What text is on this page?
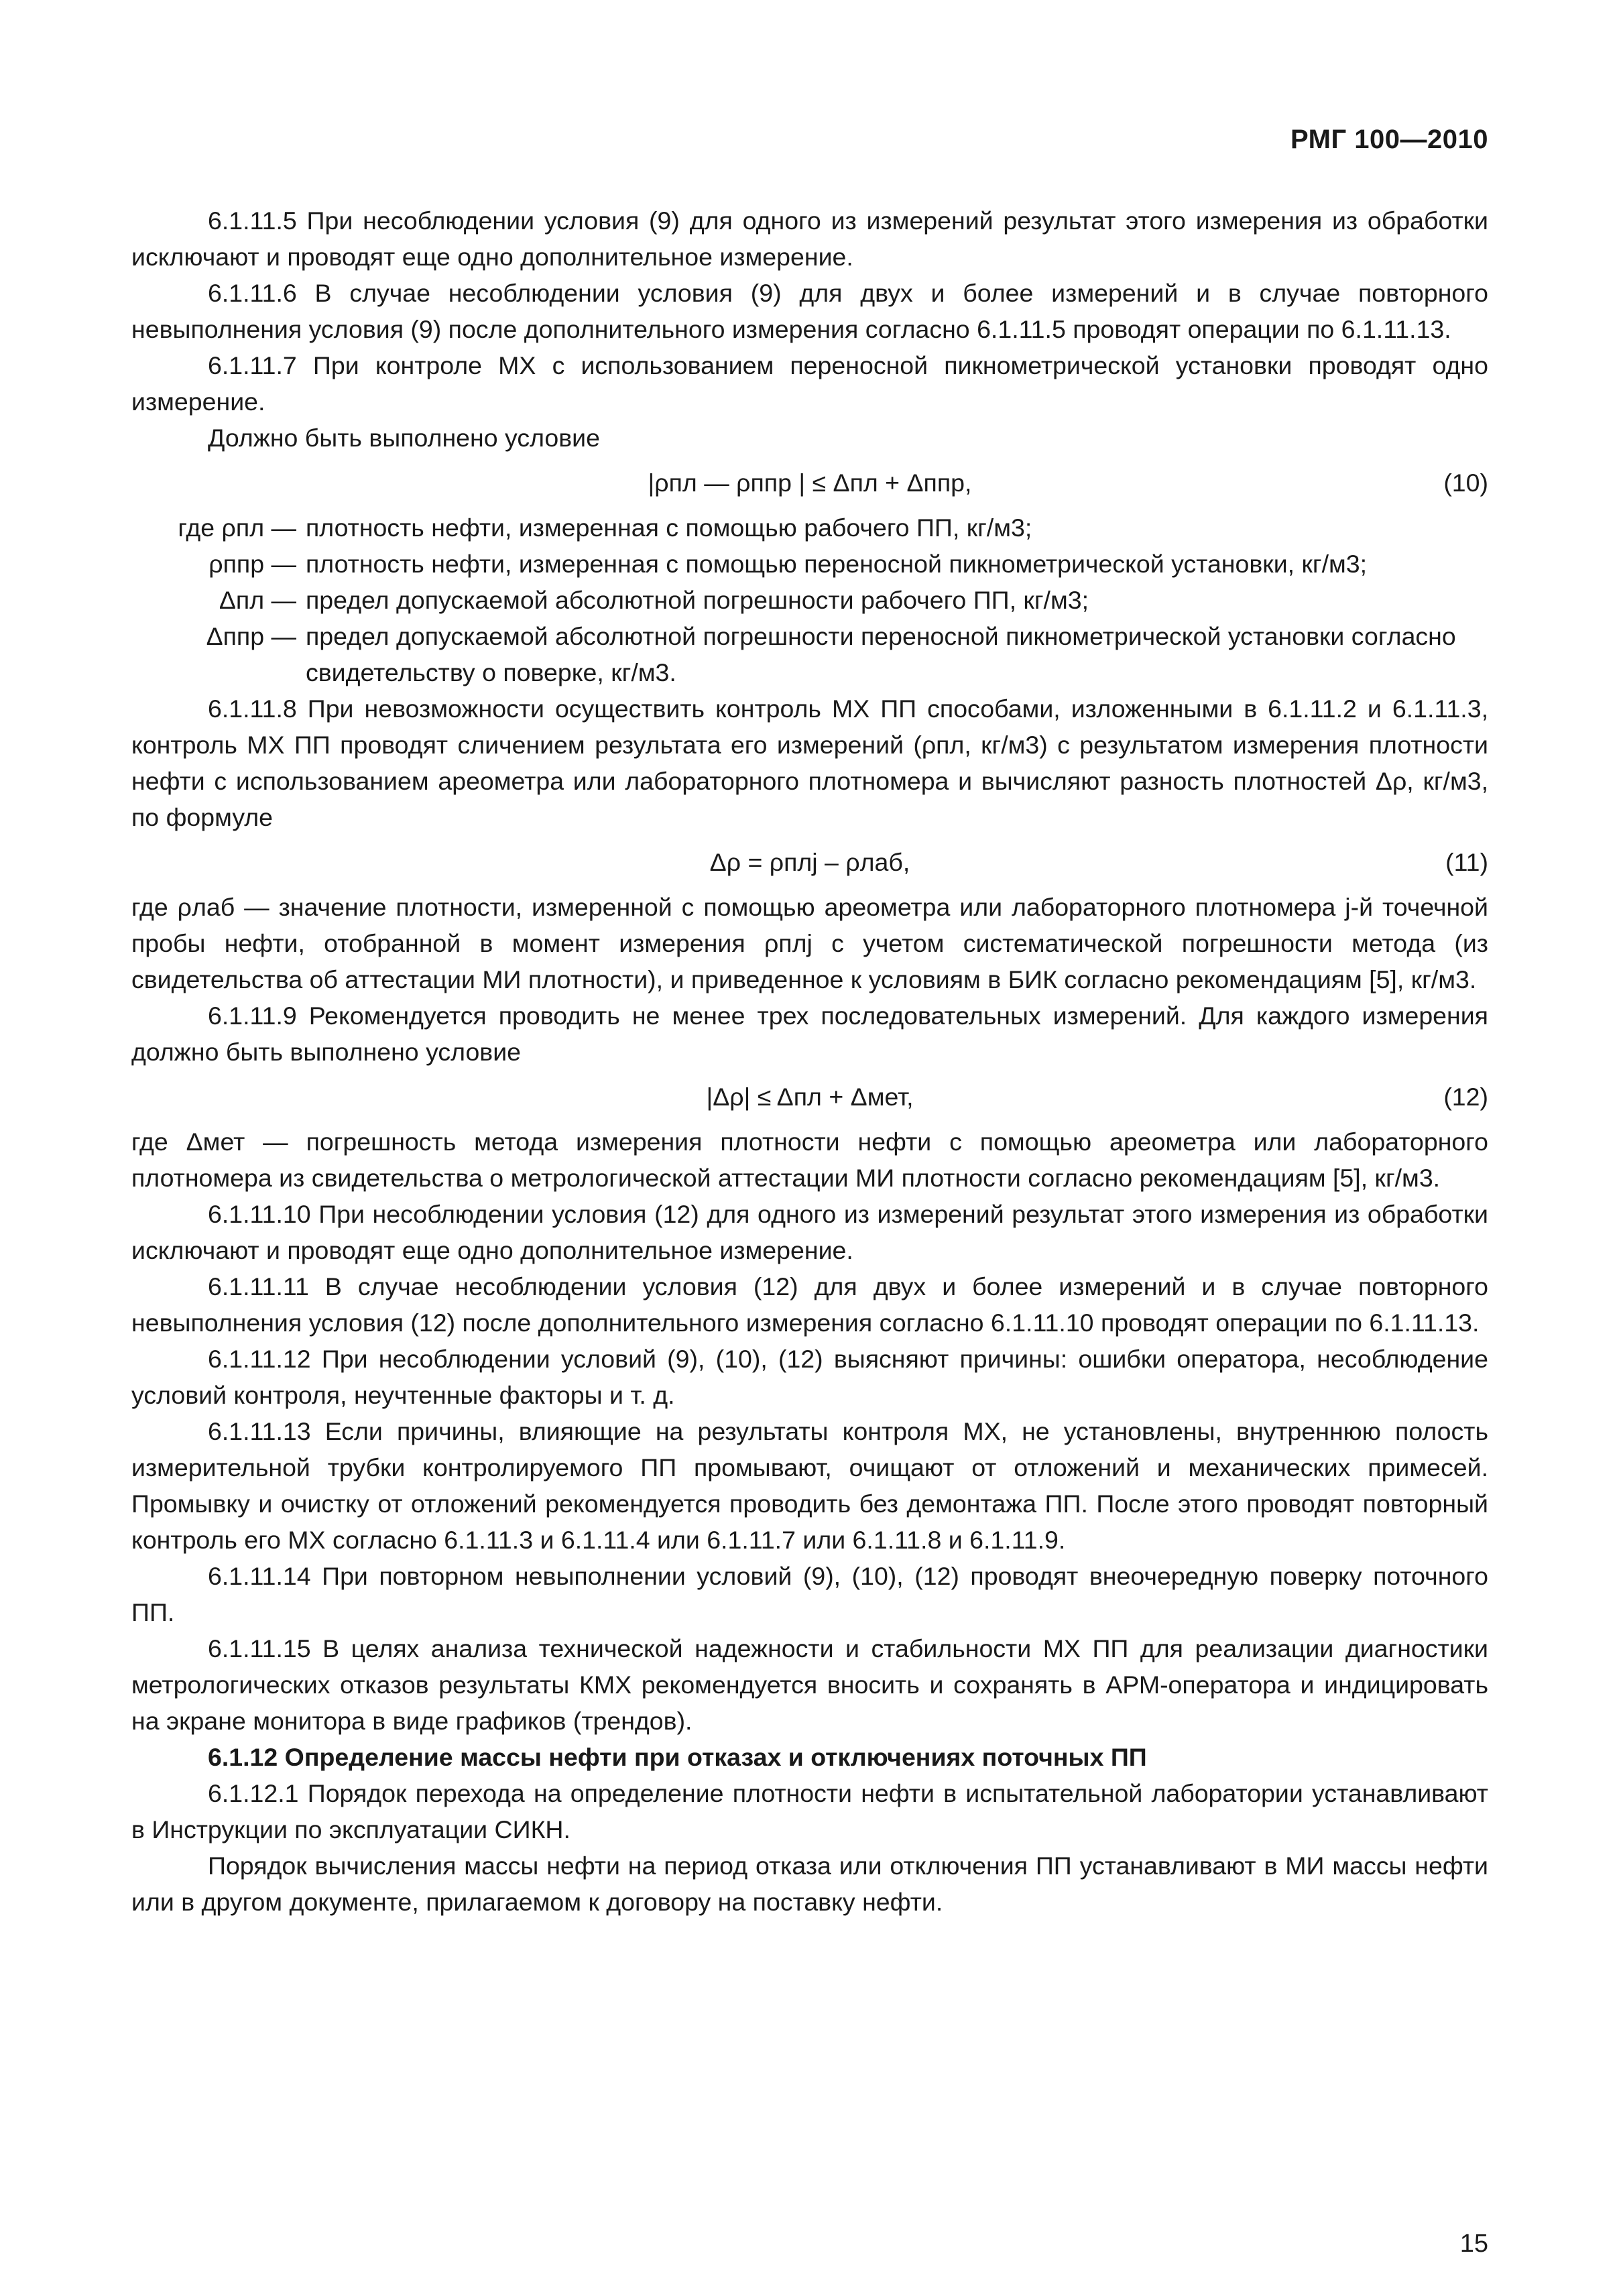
РМГ 100—2010

6.1.11.5 При несоблюдении условия (9) для одного из измерений результат этого измерения из обработки исключают и проводят еще одно дополнительное измерение.

6.1.11.6 В случае несоблюдении условия (9) для двух и более измерений и в случае повторного невыполнения условия (9) после дополнительного измерения согласно 6.1.11.5 проводят операции по 6.1.11.13.

6.1.11.7 При контроле МХ с использованием переносной пикнометрической установки проводят одно измерение.

Должно быть выполнено условие

|ρпл — ρппр | ≤ Δпл + Δппр,	(10)
где ρпл — плотность нефти, измеренная с помощью рабочего ПП, кг/м3;
ρппр — плотность нефти, измеренная с помощью переносной пикнометрической установки, кг/м3;
Δпл — предел допускаемой абсолютной погрешности рабочего ПП, кг/м3;
Δппр — предел допускаемой абсолютной погрешности переносной пикнометрической установки согласно свидетельству о поверке, кг/м3.

6.1.11.8 При невозможности осуществить контроль МХ ПП способами, изложенными в 6.1.11.2 и 6.1.11.3, контроль МХ ПП проводят сличением результата его измерений (ρпл, кг/м3) с результатом измерения плотности нефти с использованием ареометра или лабораторного плотномера и вычисляют разность плотностей Δρ, кг/м3, по формуле

Δρ = ρплj – ρлаб,	(11)

где ρлаб — значение плотности, измеренной с помощью ареометра или лабораторного плотномера j-й точечной пробы нефти, отобранной в момент измерения ρплj с учетом систематической погрешности метода (из свидетельства об аттестации МИ плотности), и приведенное к условиям в БИК согласно рекомендациям [5], кг/м3.

6.1.11.9 Рекомендуется проводить не менее трех последовательных измерений. Для каждого измерения должно быть выполнено условие

|Δρ| ≤ Δпл + Δмет,	(12)

где Δмет — погрешность метода измерения плотности нефти с помощью ареометра или лабораторного плотномера из свидетельства о метрологической аттестации МИ плотности согласно рекомендациям [5], кг/м3.

6.1.11.10 При несоблюдении условия (12) для одного из измерений результат этого измерения из обработки исключают и проводят еще одно дополнительное измерение.

6.1.11.11 В случае несоблюдении условия (12) для двух и более измерений и в случае повторного невыполнения условия (12) после дополнительного измерения согласно 6.1.11.10 проводят операции по 6.1.11.13.

6.1.11.12 При несоблюдении условий (9), (10), (12) выясняют причины: ошибки оператора, несоблюдение условий контроля, неучтенные факторы и т. д.

6.1.11.13 Если причины, влияющие на результаты контроля МХ, не установлены, внутреннюю полость измерительной трубки контролируемого ПП промывают, очищают от отложений и механических примесей. Промывку и очистку от отложений рекомендуется проводить без демонтажа ПП. После этого проводят повторный контроль его МХ согласно 6.1.11.3 и 6.1.11.4 или 6.1.11.7 или 6.1.11.8 и 6.1.11.9.

6.1.11.14 При повторном невыполнении условий (9), (10), (12) проводят внеочередную поверку поточного ПП.

6.1.11.15 В целях анализа технической надежности и стабильности МХ ПП для реализации диагностики метрологических отказов результаты КМХ рекомендуется вносить и сохранять в АРМ-оператора и индицировать на экране монитора в виде графиков (трендов).

6.1.12 Определение массы нефти при отказах и отключениях поточных ПП

6.1.12.1 Порядок перехода на определение плотности нефти в испытательной лаборатории устанавливают в Инструкции по эксплуатации СИКН.

Порядок вычисления массы нефти на период отказа или отключения ПП устанавливают в МИ массы нефти или в другом документе, прилагаемом к договору на поставку нефти.

15
